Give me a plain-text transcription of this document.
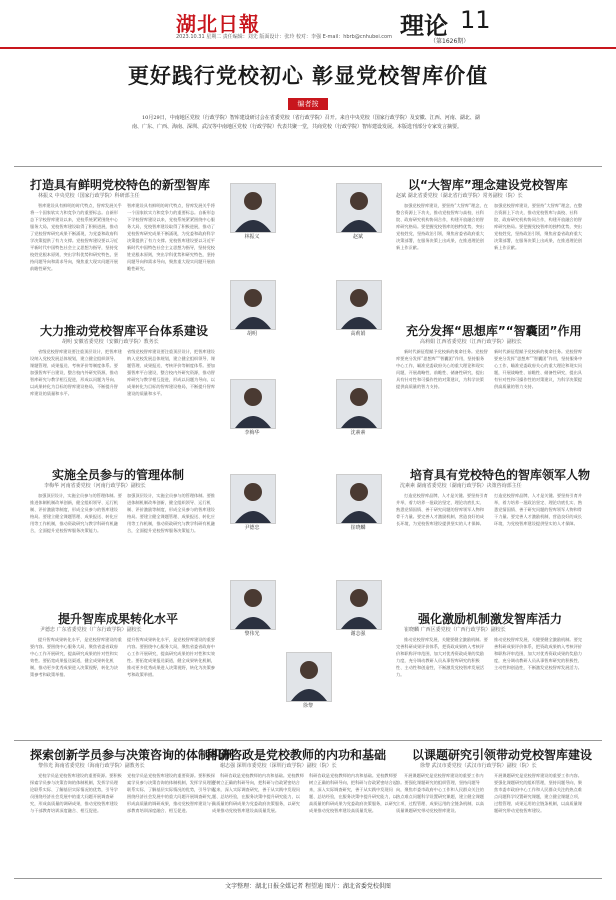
湖北日報
2023.10.31 星期二 责任编辑：刘先 版面设计：张玲 校对：李强 E-mail：hbrb@cnhubei.com 理论 11
（第1626期）
更好践行党校初心 彰显党校智库价值
编者按
10月29日，中南地区党校（行政学院）智库建设研讨会在省委党校（省行政学院）召开。来自中央党校（国家行政学院）及安徽、江西、河南、湖北、湖南、广东、广西、海南、深圳、武汉等中南地区党校（行政学院）代表共聚一堂，共商党校（行政学院）智库建设发展。本版选刊部分专家发言摘要。
打造具有鲜明党校特色的新型智库
林振义 中央党校（国家行政学院）科研部主任
智库建设具有鲜明的时代特点，智库发展关乎将一个国家软实力和竞争力的重要标志。自新形态下学校智库建设以来，党校系统紧紧围绕中心服务大局，党校智库建设取得了积极进展，推动了党校智库研究成果不断涌现，为党委和政府科学决策提供了有力支撑。党校智库建设要以习近平新时代中国特色社会主义思想为指导，坚持党校姓党根本原则，突出学科优势和研究特色，坚持问题导向和需求导向，聚焦重大现实问题开展前瞻性研究。
智库建设具有鲜明的时代特点，智库发展关乎将一个国家软实力和竞争力的重要标志。自新形态下学校智库建设以来，党校系统紧紧围绕中心服务大局，党校智库建设取得了积极进展，推动了党校智库研究成果不断涌现，为党委和政府科学决策提供了有力支撑。党校智库建设要以习近平新时代中国特色社会主义思想为指导，坚持党校姓党根本原则，突出学科优势和研究特色，坚持问题导向和需求导向，聚焦重大现实问题开展前瞻性研究。
大力推动党校智库平台体系建设
胡明 安徽省委党校（安徽行政学院）教务长
省级党校智库建设要注重顶层设计，把智库建设纳入党校发展总体规划，建立健全组织领导、课题管理、成果报送、考核评价等制度体系。要加强智库平台建设，整合校内外研究资源，推动智库研究与教学相互促进，形成以问题为导向、以成果转化为目标的智库建设格局，不断提升智库建设的质量和水平。
省级党校智库建设要注重顶层设计，把智库建设纳入党校发展总体规划，建立健全组织领导、课题管理、成果报送、考核评价等制度体系。要加强智库平台建设，整合校内外研究资源，推动智库研究与教学相互促进，形成以问题为导向、以成果转化为目标的智库建设格局，不断提升智库建设的质量和水平。
实施全员参与的管理体制
李梅华 河南省委党校（河南行政学院）副校长
加强顶层设计，实施全员参与的管理体制。要推进体制机制改革创新，健全组织领导、运行机制、评价激励等制度，形成全员参与的智库建设格局。要建立健全课题管理、成果报送、转化应用等工作机制，推动资政研究与教学科研有机融合，全面提升党校智库服务决策能力。
加强顶层设计，实施全员参与的管理体制。要推进体制机制改革创新，健全组织领导、运行机制、评价激励等制度，形成全员参与的智库建设格局。要建立健全课题管理、成果报送、转化应用等工作机制，推动资政研究与教学科研有机融合，全面提升党校智库服务决策能力。
提升智库成果转化水平
尹德忠 广东省委党校（广东行政学院）副校长
提升智库成果转化水平，是党校智库建设的重要内容。要围绕中心服务大局，聚焦省委省政府中心工作开展研究，提高研究成果的针对性和实效性。要拓宽成果报送渠道，健全成果转化机制，推动更多优秀成果进入决策视野，转化为决策参考和政策举措。
提升智库成果转化水平，是党校智库建设的重要内容。要围绕中心服务大局，聚焦省委省政府中心工作开展研究，提高研究成果的针对性和实效性。要拓宽成果报送渠道，健全成果转化机制，推动更多优秀成果进入决策视野，转化为决策参考和政策举措。
探索创新学员参与决策咨询的体制机制
黎伟光 海南省委党校（海南行政学院）副教务长
党校学员是党校智库建设的重要资源。要积极探索学员参与决策咨询的体制机制，发挥学员理论联系实际、了解基层实际情况的优势，引导学员围绕经济社会发展中的重大问题开展调查研究，形成高质量的调研成果，推动党校智库建设与干部教育培训深度融合、相互促进。
党校学员是党校智库建设的重要资源。要积极探索学员参与决策咨询的体制机制，发挥学员理论联系实际、了解基层实际情况的优势，引导学员围绕经济社会发展中的重大问题开展调查研究，形成高质量的调研成果，推动党校智库建设与干部教育培训深度融合、相互促进。
林振义	赵斌
胡明	高莉娟
李梅华	沈素素
尹德忠	崔晓麟
黎伟光	谢志强
徐黎
科研咨政是党校教师的内功和基础
谢志强 深圳市委党校（深圳行政学院）副校（院）长
科研咨政是党校教师的内功和基础。党校教师要树立正确的科研导向，把科研与咨政紧密结合起来，深入实际调查研究，善于从实践中发现问题、总结经验，在服务决策中提升研究能力，以高质量的科研成果为党委政府决策服务，以研究成果推动党校智库建设高质量发展。
科研咨政是党校教师的内功和基础。党校教师要树立正确的科研导向，把科研与咨政紧密结合起来，深入实际调查研究，善于从实践中发现问题、总结经验，在服务决策中提升研究能力，以高质量的科研成果为党委政府决策服务，以研究成果推动党校智库建设高质量发展。
以“大智库”理念建设党校智库
赵斌 湖北省委党校（湖北省行政学院）常务副校（院）长
加强党校智库建设，要坚持“大智库”理念，在整合资源上下功夫，推动党校智库与高校、社科院、政府研究机构协同合作，构建开放融合的智库研究格局。要把握党校智库的独特优势，突出党校姓党，坚持政治引领，聚焦省委省政府重大决策部署，在服务决策上出成果，在推进理论创新上作贡献。
加强党校智库建设，要坚持“大智库”理念，在整合资源上下功夫，推动党校智库与高校、社科院、政府研究机构协同合作，构建开放融合的智库研究格局。要把握党校智库的独特优势，突出党校姓党，坚持政治引领，聚焦省委省政府重大决策部署，在服务决策上出成果，在推进理论创新上作贡献。
充分发挥“思想库”“智囊团”作用
高莉娟 江西省委党校（江西行政学院）副校长
新时代新征程赋予党校新的使命任务。党校智库要充分发挥“思想库”“智囊团”作用，坚持服务中心工作，瞄准党委政府关心的重大理论和现实问题，开展战略性、前瞻性、储备性研究，提出具有针对性和可操作性的对策建议，为科学决策提供高质量的智力支持。
新时代新征程赋予党校新的使命任务。党校智库要充分发挥“思想库”“智囊团”作用，坚持服务中心工作，瞄准党委政府关心的重大理论和现实问题，开展战略性、前瞻性、储备性研究，提出具有针对性和可操作性的对策建议，为科学决策提供高质量的智力支持。
培育具有党校特色的智库领军人物
沈素素 湖南省委党校（湖南行政学院）决策咨询部主任
打造党校智库品牌，人才是关键。要坚持引育并举，着力培养一批政治坚定、理论功底扎实、熟悉党情国情、善于研究问题的智库领军人物和骨干力量。要完善人才激励机制，营造良好的成长环境，为党校智库建设提供坚实的人才保障。
打造党校智库品牌，人才是关键。要坚持引育并举，着力培养一批政治坚定、理论功底扎实、熟悉党情国情、善于研究问题的智库领军人物和骨干力量。要完善人才激励机制，营造良好的成长环境，为党校智库建设提供坚实的人才保障。
强化激励机制激发智库活力
崔晓麟 广西区委党校（广西行政学院）副校长
推动党校智库发展，关键要健全激励机制。要完善科研成果评价体系，把资政成果纳入考核评价和职称评审范围，加大对优秀资政成果的奖励力度，充分调动教研人员从事智库研究的积极性、主动性和创造性，不断激发党校智库发展活力。
推动党校智库发展，关键要健全激励机制。要完善科研成果评价体系，把资政成果纳入考核评价和职称评审范围，加大对优秀资政成果的奖励力度，充分调动教研人员从事智库研究的积极性、主动性和创造性，不断激发党校智库发展活力。
以课题研究引领带动党校智库建设
徐黎 武汉市委党校（武汉市行政学院）副校（院）长
开展课题研究是党校智库建设的重要工作内容。要强化课题研究的组织管理，坚持问题导向，聚焦市委市政府中心工作和人民群众关注的热点难点问题科学设置研究课题，建立健全课题立项、过程管理、成果运用的全链条机制，以高质量课题研究带动党校智库建设。
开展课题研究是党校智库建设的重要工作内容。要强化课题研究的组织管理，坚持问题导向，聚焦市委市政府中心工作和人民群众关注的热点难点问题科学设置研究课题，建立健全课题立项、过程管理、成果运用的全链条机制，以高质量课题研究带动党校智库建设。
文字整理：湖北日报全媒记者 程望迪 图片：湖北省委党校供图
